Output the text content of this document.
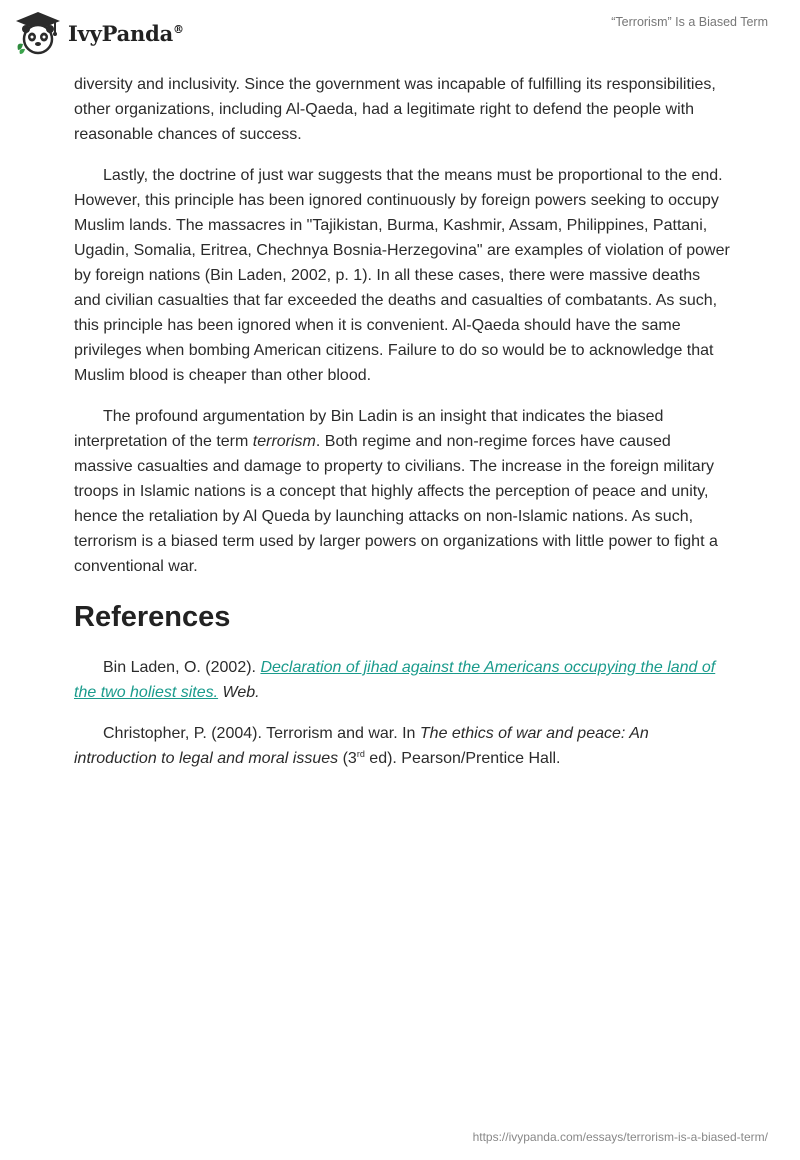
IvyPanda®	“Terrorism” Is a Biased Term

diversity and inclusivity. Since the government was incapable of fulfilling its responsibilities, other organizations, including Al-Qaeda, had a legitimate right to defend the people with reasonable chances of success.

Lastly, the doctrine of just war suggests that the means must be proportional to the end. However, this principle has been ignored continuously by foreign powers seeking to occupy Muslim lands. The massacres in "Tajikistan, Burma, Kashmir, Assam, Philippines, Pattani, Ugadin, Somalia, Eritrea, Chechnya Bosnia-Herzegovina" are examples of violation of power by foreign nations (Bin Laden, 2002, p. 1). In all these cases, there were massive deaths and civilian casualties that far exceeded the deaths and casualties of combatants. As such, this principle has been ignored when it is convenient. Al-Qaeda should have the same privileges when bombing American citizens. Failure to do so would be to acknowledge that Muslim blood is cheaper than other blood.

The profound argumentation by Bin Ladin is an insight that indicates the biased interpretation of the term terrorism. Both regime and non-regime forces have caused massive casualties and damage to property to civilians. The increase in the foreign military troops in Islamic nations is a concept that highly affects the perception of peace and unity, hence the retaliation by Al Queda by launching attacks on non-Islamic nations. As such, terrorism is a biased term used by larger powers on organizations with little power to fight a conventional war.

References

Bin Laden, O. (2002). Declaration of jihad against the Americans occupying the land of the two holiest sites. Web.

Christopher, P. (2004). Terrorism and war. In The ethics of war and peace: An introduction to legal and moral issues (3rd ed). Pearson/Prentice Hall.

https://ivypanda.com/essays/terrorism-is-a-biased-term/
